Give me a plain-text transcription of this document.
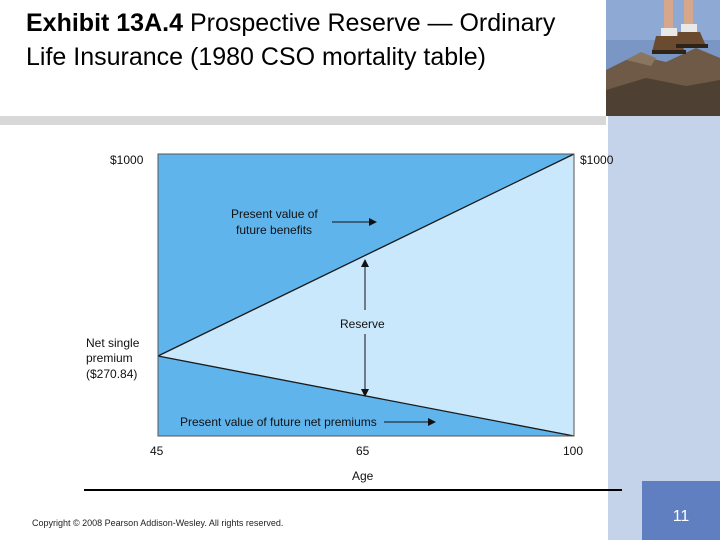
Exhibit 13A.4 Prospective Reserve — Ordinary Life Insurance (1980 CSO mortality table)
$1000	$1000
Net single
premium
($270.84)
Present value of
future benefits
Reserve
Present value of future net premiums
45	65	100
Age
Copyright © 2008 Pearson Addison-Wesley. All rights reserved.	11
